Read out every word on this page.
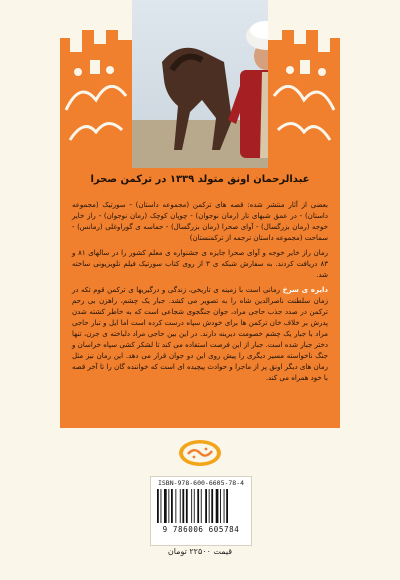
عبدالرحمان اونق متولد ۱۳۳۹ در ترکمن صحرا

بعضی از آثار منتشر شده: قصه های ترکمن (مجموعه داستان) - سورتیک (مجموعه داستان) - در عمق شبهای تار (رمان نوجوان) - چوپان کوچک (رمان نوجوان) - راز خایر خوجه (رمان بزرگسال) - آوای صحرا (رمان بزرگسال) - حماسه ی گوراوغلی (رمانس) - سماحت (مجموعه داستان ترجمه از ترکمنستان)

رمان راز خایر خوجه و آوای صحرا جایزه ی جشنواره ی معلم کشور را در سالهای ۸۱ و ۸۳ دریافت کردند. به سفارش شبکه ی ۳ از روی کتاب سورتیک فیلم تلویزیونی ساخته شد.

دایره ی سرخ رمانی است با زمینه ی تاریخی، زندگی و درگیریها ی ترکمن قوم تکه در زمان سلطنت ناصرالدین شاه را به تصویر می کشد. جبار یک چشم، راهزن بی رحم ترکمن در صدد جذب حاجی مراد، جوان جنگجوی شجاعی است که به خاطر کشته شدن پدرش بر خلاف خان ترکمن ها برای خودش سپاه درست کرده است اما ایل و تبار حاجی مراد با جبار یک چشم خصومت دیرینه دارند. در این بین حاجی مراد دلباخته ی جرن، تنها دختر جبار شده است. جبار از این فرصت استفاده می کند تا لشکر کشی سپاه خراسان و جنگ ناخواسته مسیر دیگری را پیش روی این دو جوان قرار می دهد. این رمان نیز مثل رمان های دیگر اونق پر از ماجرا و حوادث پیچیده ای است که خواننده گان را تا آخر قصه با خود همراه می کند.

ISBN-978-600-6605-78-4
9 786006 605784
قیمت ۲۲۵۰۰ تومان
